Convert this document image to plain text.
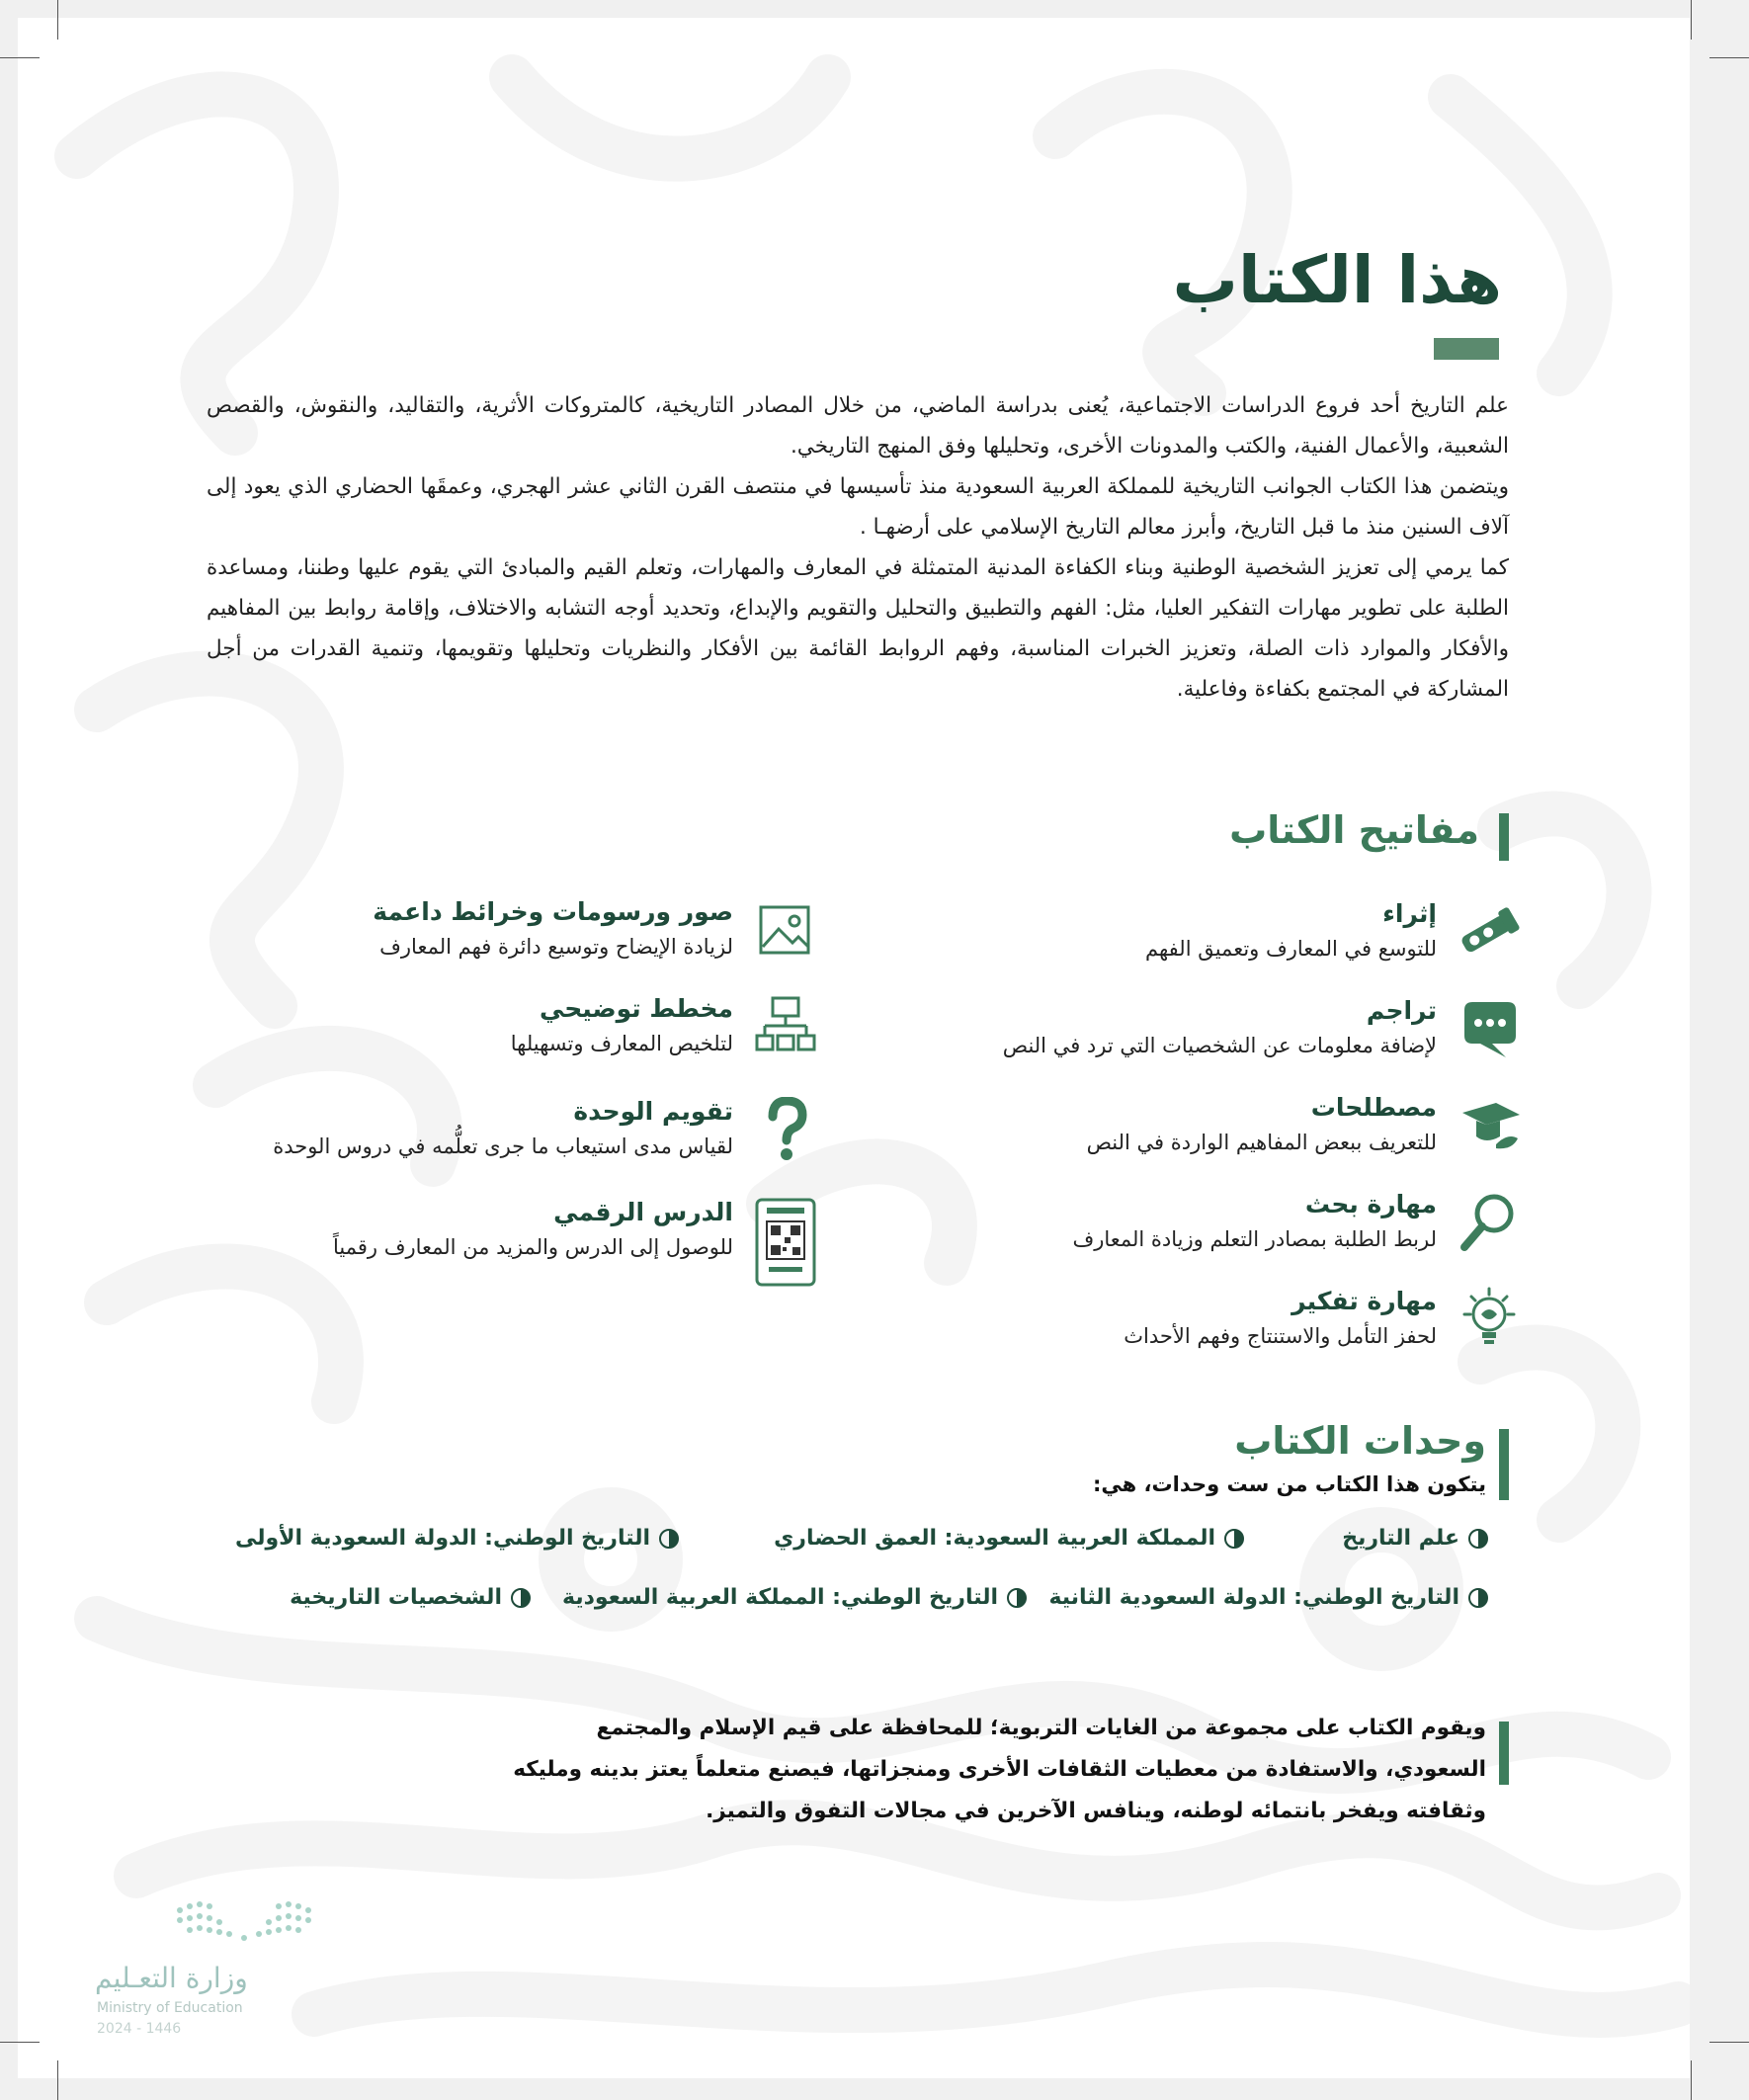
هذا الكتاب

علم التاريخ أحد فروع الدراسات الاجتماعية، يُعنى بدراسة الماضي، من خلال المصادر التاريخية، كالمتروكات الأثرية، والتقاليد، والنقوش، والقصص الشعبية، والأعمال الفنية، والكتب والمدونات الأخرى، وتحليلها وفق المنهج التاريخي.

ويتضمن هذا الكتاب الجوانب التاريخية للمملكة العربية السعودية منذ تأسيسها في منتصف القرن الثاني عشر الهجري، وعمقَها الحضاري الذي يعود إلى آلاف السنين منذ ما قبل التاريخ، وأبرز معالم التاريخ الإسلامي على أرضهـا .

كما يرمي إلى تعزيز الشخصية الوطنية وبناء الكفاءة المدنية المتمثلة في المعارف والمهارات، وتعلم القيم والمبادئ التي يقوم عليها وطننا، ومساعدة الطلبة على تطوير مهارات التفكير العليا، مثل: الفهم والتطبيق والتحليل والتقويم والإبداع، وتحديد أوجه التشابه والاختلاف، وإقامة روابط بين المفاهيم والأفكار والموارد ذات الصلة، وتعزيز الخبرات المناسبة، وفهم الروابط القائمة بين الأفكار والنظريات وتحليلها وتقويمها، وتنمية القدرات من أجل المشاركة في المجتمع بكفاءة وفاعلية.

مفاتيح الكتاب
إثراء
للتوسع في المعارف وتعميق الفهم
تراجم
لإضافة معلومات عن الشخصيات التي ترد في النص
مصطلحات
للتعريف ببعض المفاهيم الواردة في النص
مهارة بحث
لربط الطلبة بمصادر التعلم وزيادة المعارف
مهارة تفكير
لحفز التأمل والاستنتاج وفهم الأحداث
صور ورسومات وخرائط داعمة
لزيادة الإيضاح وتوسيع دائرة فهم المعارف
مخطط توضيحي
لتلخيص المعارف وتسهيلها
تقويم الوحدة
لقياس مدى استيعاب ما جرى تعلُّمه في دروس الوحدة
الدرس الرقمي
للوصول إلى الدرس والمزيد من المعارف رقمياً
وحدات الكتاب
يتكون هذا الكتاب من ست وحدات، هي:
علم التاريخ
المملكة العربية السعودية: العمق الحضاري
التاريخ الوطني: الدولة السعودية الأولى
التاريخ الوطني: الدولة السعودية الثانية
التاريخ الوطني: المملكة العربية السعودية
الشخصيات التاريخية
ويقوم الكتاب على مجموعة من الغايات التربوية؛ للمحافظة على قيم الإسلام والمجتمع السعودي، والاستفادة من معطيات الثقافات الأخرى ومنجزاتها، فيصنع متعلماً يعتز بدينه ومليكه وثقافته ويفخر بانتمائه لوطنه، وينافس الآخرين في مجالات التفوق والتميز.
وزارة التعـليم
Ministry of Education
2024 - 1446
